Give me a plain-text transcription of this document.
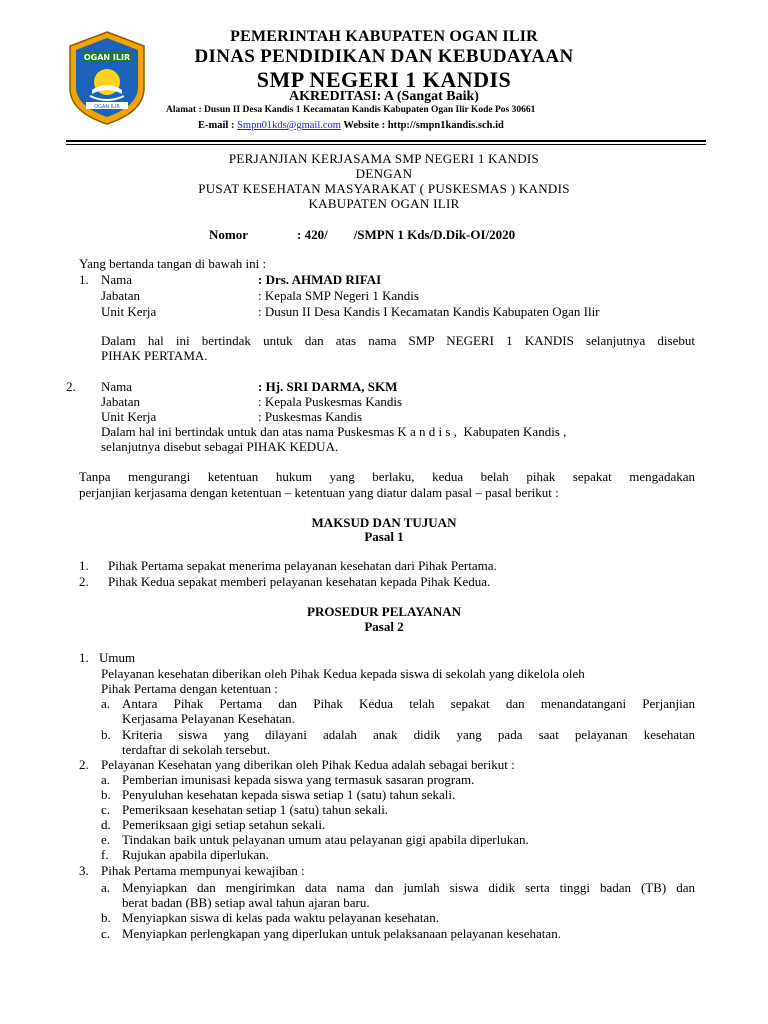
OGAN ILIR
OGAN ILIR
PEMERINTAH KABUPATEN OGAN ILIR
DINAS PENDIDIKAN DAN KEBUDAYAAN
SMP NEGERI 1 KANDIS
AKREDITASI: A (Sangat Baik)
Alamat : Dusun II Desa Kandis 1 Kecamatan Kandis Kabupaten Ogan Ilir Kode Pos 30661
E-mail : Smpn01kds@gmail.com Website : http://smpn1kandis.sch.id
PERJANJIAN KERJASAMA SMP NEGERI 1 KANDIS
DENGAN
PUSAT KESEHATAN MASYARAKAT ( PUSKESMAS ) KANDIS
KABUPATEN OGAN ILIR
Nomor	: 420/        /SMPN 1 Kds/D.Dik-OI/2020
Yang bertanda tangan di bawah ini :
1. Nama	: Drs. AHMAD RIFAI
Jabatan	: Kepala SMP Negeri 1 Kandis
Unit Kerja	: Dusun II Desa Kandis I Kecamatan Kandis Kabupaten Ogan Ilir
Dalam hal ini bertindak untuk dan atas nama SMP NEGERI 1 KANDIS selanjutnya disebut
PIHAK PERTAMA.
2. Nama	: Hj. SRI DARMA, SKM
Jabatan	: Kepala Puskesmas Kandis
Unit Kerja	: Puskesmas Kandis
Dalam hal ini bertindak untuk dan atas nama Puskesmas K a n d i s ,  Kabupaten Kandis ,
selanjutnya disebut sebagai PIHAK KEDUA.
Tanpa mengurangi ketentuan hukum yang berlaku, kedua belah pihak sepakat mengadakan
perjanjian kerjasama dengan ketentuan – ketentuan yang diatur dalam pasal – pasal berikut :
MAKSUD DAN TUJUAN
Pasal 1
1. Pihak Pertama sepakat menerima pelayanan kesehatan dari Pihak Pertama.
2. Pihak Kedua sepakat memberi pelayanan kesehatan kepada Pihak Kedua.
PROSEDUR PELAYANAN
Pasal 2
1. Umum
Pelayanan kesehatan diberikan oleh Pihak Kedua kepada siswa di sekolah yang dikelola oleh
Pihak Pertama dengan ketentuan :
a. Antara Pihak Pertama dan Pihak Kedua telah sepakat dan menandatangani Perjanjian
Kerjasama Pelayanan Kesehatan.
b. Kriteria siswa yang dilayani adalah anak didik yang pada saat pelayanan kesehatan
terdaftar di sekolah tersebut.
2. Pelayanan Kesehatan yang diberikan oleh Pihak Kedua adalah sebagai berikut :
a. Pemberian imunisasi kepada siswa yang termasuk sasaran program.
b. Penyuluhan kesehatan kepada siswa setiap 1 (satu) tahun sekali.
c. Pemeriksaan kesehatan setiap 1 (satu) tahun sekali.
d. Pemeriksaan gigi setiap setahun sekali.
e. Tindakan baik untuk pelayanan umum atau pelayanan gigi apabila diperlukan.
f. Rujukan apabila diperlukan.
3. Pihak Pertama mempunyai kewajiban :
a. Menyiapkan dan mengirimkan data nama dan jumlah siswa didik serta tinggi badan (TB) dan
berat badan (BB) setiap awal tahun ajaran baru.
b. Menyiapkan siswa di kelas pada waktu pelayanan kesehatan.
c. Menyiapkan perlengkapan yang diperlukan untuk pelaksanaan pelayanan kesehatan.
